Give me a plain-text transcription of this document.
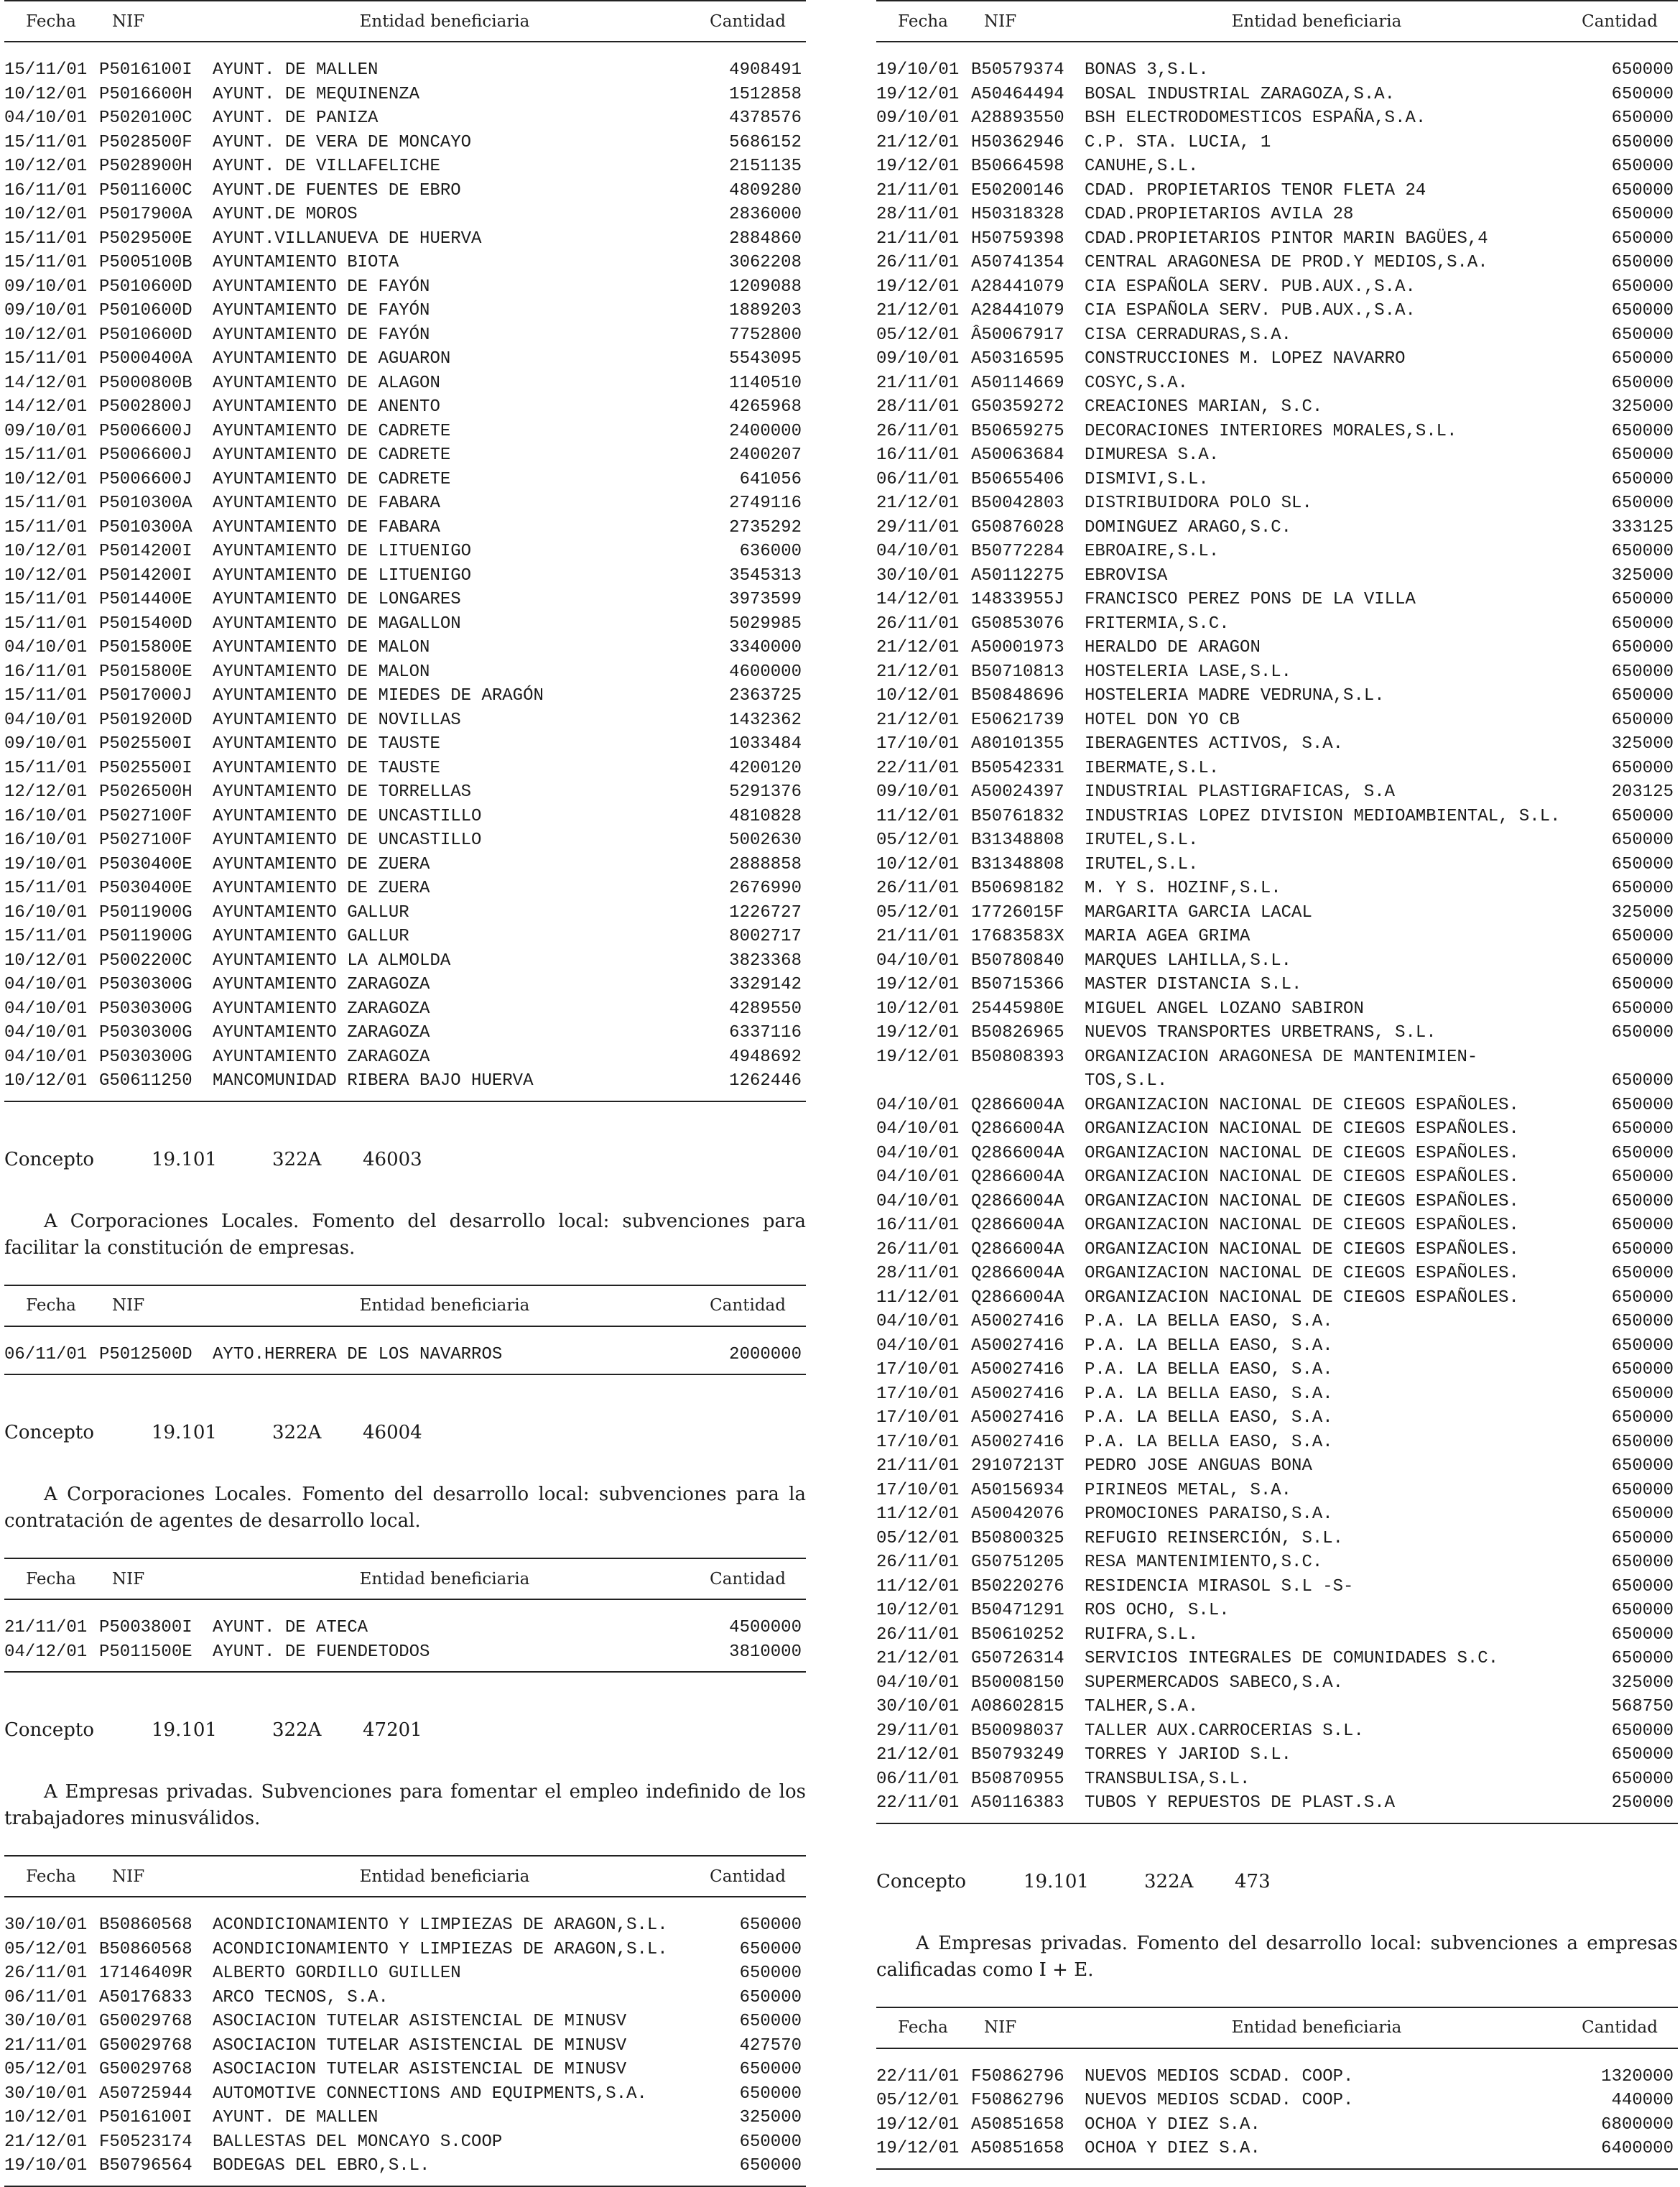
Fecha	NIF	Entidad beneficiaria	Cantidad
15/11/01 P5016100I	AYUNT. DE MALLEN	4908491
10/12/01 P5016600H	AYUNT. DE MEQUINENZA	1512858
04/10/01 P5020100C	AYUNT. DE PANIZA	4378576
15/11/01 P5028500F	AYUNT. DE VERA DE MONCAYO	5686152
10/12/01 P5028900H	AYUNT. DE VILLAFELICHE	2151135
16/11/01 P5011600C	AYUNT.DE FUENTES DE EBRO	4809280
10/12/01 P5017900A	AYUNT.DE MOROS	2836000
15/11/01 P5029500E	AYUNT.VILLANUEVA DE HUERVA	2884860
15/11/01 P5005100B	AYUNTAMIENTO BIOTA	3062208
09/10/01 P5010600D	AYUNTAMIENTO DE FAYÓN	1209088
09/10/01 P5010600D	AYUNTAMIENTO DE FAYÓN	1889203
10/12/01 P5010600D	AYUNTAMIENTO DE FAYÓN	7752800
15/11/01 P5000400A	AYUNTAMIENTO DE AGUARON	5543095
14/12/01 P5000800B	AYUNTAMIENTO DE ALAGON	1140510
14/12/01 P5002800J	AYUNTAMIENTO DE ANENTO	4265968
09/10/01 P5006600J	AYUNTAMIENTO DE CADRETE	2400000
15/11/01 P5006600J	AYUNTAMIENTO DE CADRETE	2400207
10/12/01 P5006600J	AYUNTAMIENTO DE CADRETE	641056
15/11/01 P5010300A	AYUNTAMIENTO DE FABARA	2749116
15/11/01 P5010300A	AYUNTAMIENTO DE FABARA	2735292
10/12/01 P5014200I	AYUNTAMIENTO DE LITUENIGO	636000
10/12/01 P5014200I	AYUNTAMIENTO DE LITUENIGO	3545313
15/11/01 P5014400E	AYUNTAMIENTO DE LONGARES	3973599
15/11/01 P5015400D	AYUNTAMIENTO DE MAGALLON	5029985
04/10/01 P5015800E	AYUNTAMIENTO DE MALON	3340000
16/11/01 P5015800E	AYUNTAMIENTO DE MALON	4600000
15/11/01 P5017000J	AYUNTAMIENTO DE MIEDES DE ARAGÓN	2363725
04/10/01 P5019200D	AYUNTAMIENTO DE NOVILLAS	1432362
09/10/01 P5025500I	AYUNTAMIENTO DE TAUSTE	1033484
15/11/01 P5025500I	AYUNTAMIENTO DE TAUSTE	4200120
12/12/01 P5026500H	AYUNTAMIENTO DE TORRELLAS	5291376
16/10/01 P5027100F	AYUNTAMIENTO DE UNCASTILLO	4810828
16/10/01 P5027100F	AYUNTAMIENTO DE UNCASTILLO	5002630
19/10/01 P5030400E	AYUNTAMIENTO DE ZUERA	2888858
15/11/01 P5030400E	AYUNTAMIENTO DE ZUERA	2676990
16/10/01 P5011900G	AYUNTAMIENTO GALLUR	1226727
15/11/01 P5011900G	AYUNTAMIENTO GALLUR	8002717
10/12/01 P5002200C	AYUNTAMIENTO LA ALMOLDA	3823368
04/10/01 P5030300G	AYUNTAMIENTO ZARAGOZA	3329142
04/10/01 P5030300G	AYUNTAMIENTO ZARAGOZA	4289550
04/10/01 P5030300G	AYUNTAMIENTO ZARAGOZA	6337116
04/10/01 P5030300G	AYUNTAMIENTO ZARAGOZA	4948692
10/12/01 G50611250	MANCOMUNIDAD RIBERA BAJO HUERVA	1262446
Concepto	19.101	322A	46003
A Corporaciones Locales. Fomento del desarrollo local: subvenciones para facilitar la constitución de empresas.
Fecha	NIF	Entidad beneficiaria	Cantidad
06/11/01 P5012500D	AYTO.HERRERA DE LOS NAVARROS	2000000
Concepto	19.101	322A	46004
A Corporaciones Locales. Fomento del desarrollo local: subvenciones para la contratación de agentes de desarrollo local.
Fecha	NIF	Entidad beneficiaria	Cantidad
21/11/01 P5003800I	AYUNT. DE ATECA	4500000
04/12/01 P5011500E	AYUNT. DE FUENDETODOS	3810000
Concepto	19.101	322A	47201
A Empresas privadas. Subvenciones para fomentar el empleo indefinido de los trabajadores minusválidos.
Fecha	NIF	Entidad beneficiaria	Cantidad
30/10/01 B50860568	ACONDICIONAMIENTO Y LIMPIEZAS DE ARAGON,S.L.	650000
05/12/01 B50860568	ACONDICIONAMIENTO Y LIMPIEZAS DE ARAGON,S.L.	650000
26/11/01 17146409R	ALBERTO GORDILLO GUILLEN	650000
06/11/01 A50176833	ARCO TECNOS, S.A.	650000
30/10/01 G50029768	ASOCIACION TUTELAR ASISTENCIAL DE MINUSV	650000
21/11/01 G50029768	ASOCIACION TUTELAR ASISTENCIAL DE MINUSV	427570
05/12/01 G50029768	ASOCIACION TUTELAR ASISTENCIAL DE MINUSV	650000
30/10/01 A50725944	AUTOMOTIVE CONNECTIONS AND EQUIPMENTS,S.A.	650000
10/12/01 P5016100I	AYUNT. DE MALLEN	325000
21/12/01 F50523174	BALLESTAS DEL MONCAYO S.COOP	650000
19/10/01 B50796564	BODEGAS DEL EBRO,S.L.	650000
Fecha	NIF	Entidad beneficiaria	Cantidad
19/10/01 B50579374	BONAS 3,S.L.	650000
19/12/01 A50464494	BOSAL INDUSTRIAL ZARAGOZA,S.A.	650000
09/10/01 A28893550	BSH ELECTRODOMESTICOS ESPAÑA,S.A.	650000
21/12/01 H50362946	C.P. STA. LUCIA, 1	650000
19/12/01 B50664598	CANUHE,S.L.	650000
21/11/01 E50200146	CDAD. PROPIETARIOS TENOR FLETA 24	650000
28/11/01 H50318328	CDAD.PROPIETARIOS AVILA 28	650000
21/11/01 H50759398	CDAD.PROPIETARIOS PINTOR MARIN BAGÜES,4	650000
26/11/01 A50741354	CENTRAL ARAGONESA DE PROD.Y MEDIOS,S.A.	650000
19/12/01 A28441079	CIA ESPAÑOLA SERV. PUB.AUX.,S.A.	650000
21/12/01 A28441079	CIA ESPAÑOLA SERV. PUB.AUX.,S.A.	650000
05/12/01 Â50067917	CISA CERRADURAS,S.A.	650000
09/10/01 A50316595	CONSTRUCCIONES M. LOPEZ NAVARRO	650000
21/11/01 A50114669	COSYC,S.A.	650000
28/11/01 G50359272	CREACIONES MARIAN, S.C.	325000
26/11/01 B50659275	DECORACIONES INTERIORES MORALES,S.L.	650000
16/11/01 A50063684	DIMURESA S.A.	650000
06/11/01 B50655406	DISMIVI,S.L.	650000
21/12/01 B50042803	DISTRIBUIDORA POLO SL.	650000
29/11/01 G50876028	DOMINGUEZ ARAGO,S.C.	333125
04/10/01 B50772284	EBROAIRE,S.L.	650000
30/10/01 A50112275	EBROVISA	325000
14/12/01 14833955J	FRANCISCO PEREZ PONS DE LA VILLA	650000
26/11/01 G50853076	FRITERMIA,S.C.	650000
21/12/01 A50001973	HERALDO DE ARAGON	650000
21/12/01 B50710813	HOSTELERIA LASE,S.L.	650000
10/12/01 B50848696	HOSTELERIA MADRE VEDRUNA,S.L.	650000
21/12/01 E50621739	HOTEL DON YO CB	650000
17/10/01 A80101355	IBERAGENTES ACTIVOS, S.A.	325000
22/11/01 B50542331	IBERMATE,S.L.	650000
09/10/01 A50024397	INDUSTRIAL PLASTIGRAFICAS, S.A	203125
11/12/01 B50761832	INDUSTRIAS LOPEZ DIVISION MEDIOAMBIENTAL, S.L.	650000
05/12/01 B31348808	IRUTEL,S.L.	650000
10/12/01 B31348808	IRUTEL,S.L.	650000
26/11/01 B50698182	M. Y S. HOZINF,S.L.	650000
05/12/01 17726015F	MARGARITA GARCIA LACAL	325000
21/11/01 17683583X	MARIA AGEA GRIMA	650000
04/10/01 B50780840	MARQUES LAHILLA,S.L.	650000
19/12/01 B50715366	MASTER DISTANCIA S.L.	650000
10/12/01 25445980E	MIGUEL ANGEL LOZANO SABIRON	650000
19/12/01 B50826965	NUEVOS TRANSPORTES URBETRANS, S.L.	650000
19/12/01 B50808393	ORGANIZACION ARAGONESA DE MANTENIMIEN-
TOS,S.L.	650000
04/10/01 Q2866004A	ORGANIZACION NACIONAL DE CIEGOS ESPAÑOLES.	650000
04/10/01 Q2866004A	ORGANIZACION NACIONAL DE CIEGOS ESPAÑOLES.	650000
04/10/01 Q2866004A	ORGANIZACION NACIONAL DE CIEGOS ESPAÑOLES.	650000
04/10/01 Q2866004A	ORGANIZACION NACIONAL DE CIEGOS ESPAÑOLES.	650000
04/10/01 Q2866004A	ORGANIZACION NACIONAL DE CIEGOS ESPAÑOLES.	650000
16/11/01 Q2866004A	ORGANIZACION NACIONAL DE CIEGOS ESPAÑOLES.	650000
26/11/01 Q2866004A	ORGANIZACION NACIONAL DE CIEGOS ESPAÑOLES.	650000
28/11/01 Q2866004A	ORGANIZACION NACIONAL DE CIEGOS ESPAÑOLES.	650000
11/12/01 Q2866004A	ORGANIZACION NACIONAL DE CIEGOS ESPAÑOLES.	650000
04/10/01 A50027416	P.A. LA BELLA EASO, S.A.	650000
04/10/01 A50027416	P.A. LA BELLA EASO, S.A.	650000
17/10/01 A50027416	P.A. LA BELLA EASO, S.A.	650000
17/10/01 A50027416	P.A. LA BELLA EASO, S.A.	650000
17/10/01 A50027416	P.A. LA BELLA EASO, S.A.	650000
17/10/01 A50027416	P.A. LA BELLA EASO, S.A.	650000
21/11/01 29107213T	PEDRO JOSE ANGUAS BONA	650000
17/10/01 A50156934	PIRINEOS METAL, S.A.	650000
11/12/01 A50042076	PROMOCIONES PARAISO,S.A.	650000
05/12/01 B50800325	REFUGIO REINSERCIÓN, S.L.	650000
26/11/01 G50751205	RESA MANTENIMIENTO,S.C.	650000
11/12/01 B50220276	RESIDENCIA MIRASOL S.L -S-	650000
10/12/01 B50471291	ROS OCHO, S.L.	650000
26/11/01 B50610252	RUIFRA,S.L.	650000
21/12/01 G50726314	SERVICIOS INTEGRALES DE COMUNIDADES S.C.	650000
04/10/01 B50008150	SUPERMERCADOS SABECO,S.A.	325000
30/10/01 A08602815	TALHER,S.A.	568750
29/11/01 B50098037	TALLER AUX.CARROCERIAS S.L.	650000
21/12/01 B50793249	TORRES Y JARIOD S.L.	650000
06/11/01 B50870955	TRANSBULISA,S.L.	650000
22/11/01 A50116383	TUBOS Y REPUESTOS DE PLAST.S.A	250000
Concepto	19.101	322A	473
A Empresas privadas. Fomento del desarrollo local: subvenciones a empresas calificadas como I + E.
Fecha	NIF	Entidad beneficiaria	Cantidad
22/11/01 F50862796	NUEVOS MEDIOS SCDAD. COOP.	1320000
05/12/01 F50862796	NUEVOS MEDIOS SCDAD. COOP.	440000
19/12/01 A50851658	OCHOA Y DIEZ S.A.	6800000
19/12/01 A50851658	OCHOA Y DIEZ S.A.	6400000
